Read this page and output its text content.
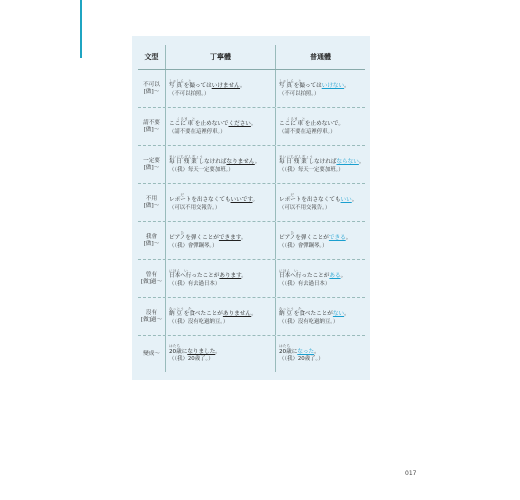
文型	丁寧體	普通體
不可以
[做]～
しゃしん　と
写 真 を撮ってはいけません。
（不可以拍照。）
しゃしん　と
写 真 を撮ってはいけない。
（不可以拍照。）
請不要
[做]～
　　くるま　と
ここに 車 を止めないでください。
（請不要在這裡停車。）
　　くるま　と
ここに 車 を止めないで。
（請不要在這裡停車。）
一定要
[做]～
まいにちざんぎょう
毎 日 残 業 しなければなりません。
（（我）每天一定要加班。）
まいにちざんぎょう
毎 日 残 業 しなければならない。
（（我）每天一定要加班。）
不用
[做]～
　　　だ
レポートを出さなくてもいいです。
（可以不用交報告。）
　　　だ
レポートを出さなくてもいい。
（可以不用交報告。）
我會
[做]～
　　　ひ
ピアノを弾くことができます。
（（我）會彈鋼琴。）
　　　ひ
ピアノを弾くことができる。
（（我）會彈鋼琴。）
曾有
[做]過～
にほん　い
日本へ行ったことがあります。
（（我）有去過日本）
にほん　い
日本へ行ったことがある。
（（我）有去過日本）
沒有
[做]過～
なっとう　た
納 豆 を食べたことがありません。
（（我）沒有吃過納豆。）
なっとう　た
納 豆 を食べたことがない。
（（我）沒有吃過納豆。）
變成～
はたち
20歳になりました。
（（我）20歲了。）
はたち
20歳になった。
（（我）20歲了。）
017
